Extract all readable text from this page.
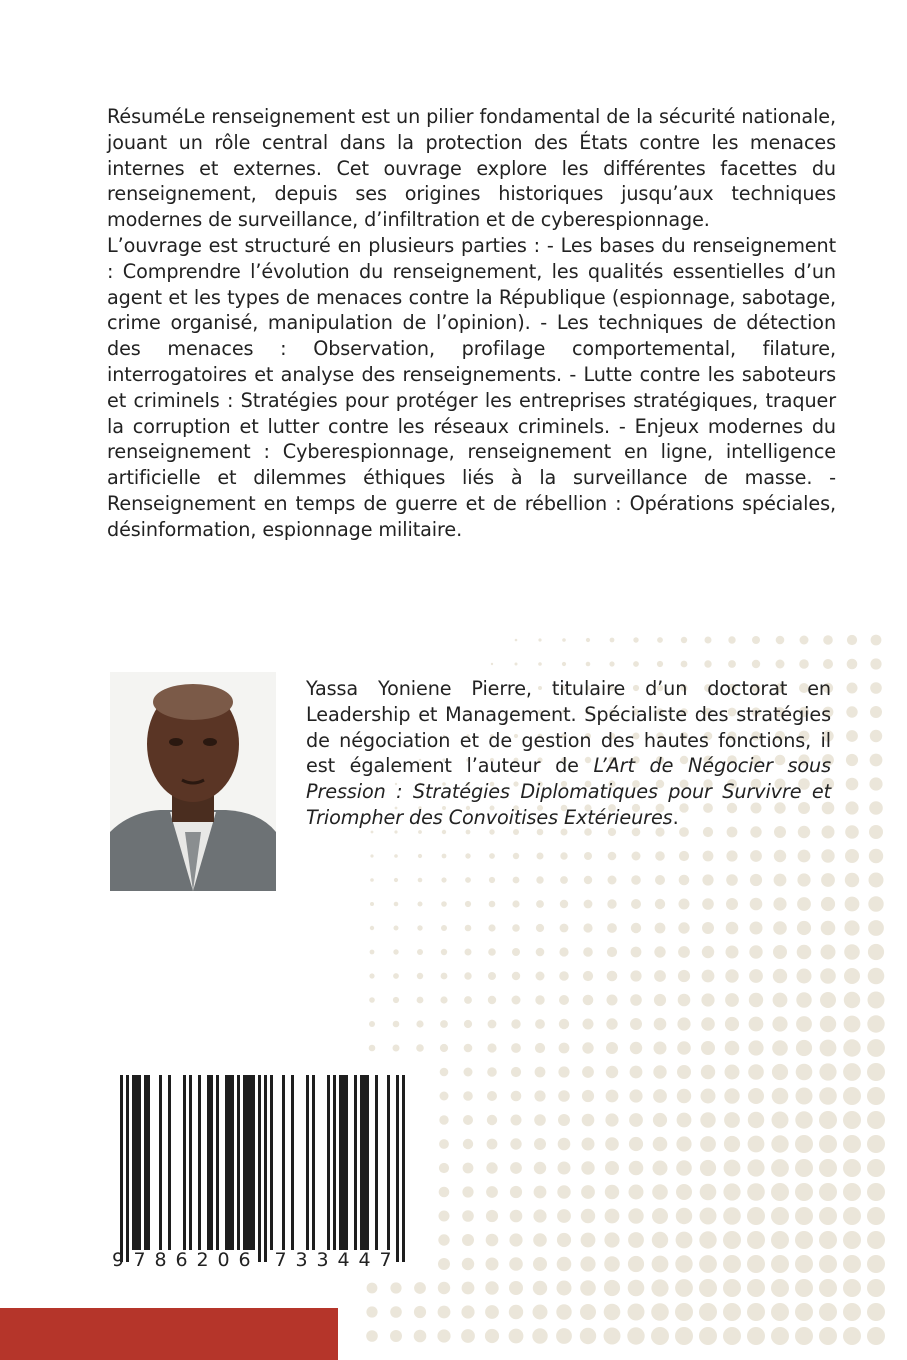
RésuméLe renseignement est un pilier fondamental de la sécurité nationale, jouant un rôle central dans la protection des États contre les menaces internes et externes. Cet ouvrage explore les différentes facettes du renseignement, depuis ses origines historiques jusqu’aux techniques modernes de surveillance, d’infiltration et de cyberespionnage.

L’ouvrage est structuré en plusieurs parties : - Les bases du renseignement : Comprendre l’évolution du renseignement, les qualités essentielles d’un agent et les types de menaces contre la République (espionnage, sabotage, crime organisé, manipulation de l’opinion). - Les techniques de détection des menaces : Observation, profilage comportemental, filature, interrogatoires et analyse des renseignements. - Lutte contre les saboteurs et criminels : Stratégies pour protéger les entreprises stratégiques, traquer la corruption et lutter contre les réseaux criminels. - Enjeux modernes du renseignement : Cyberespionnage, renseignement en ligne, intelligence artificielle et dilemmes éthiques liés à la surveillance de masse. - Renseignement en temps de guerre et de rébellion : Opérations spéciales, désinformation, espionnage militaire.

Yassa Yoniene Pierre, titulaire d’un doctorat en Leadership et Management. Spécialiste des stratégies de négociation et de gestion des hautes fonctions, il est également l’auteur de L’Art de Négocier sous Pression : Stratégies Diplomatiques pour Survivre et Triompher des Convoitises Extérieures.
9 7 8 6 2 0 6 7 3 3 4 4 7
